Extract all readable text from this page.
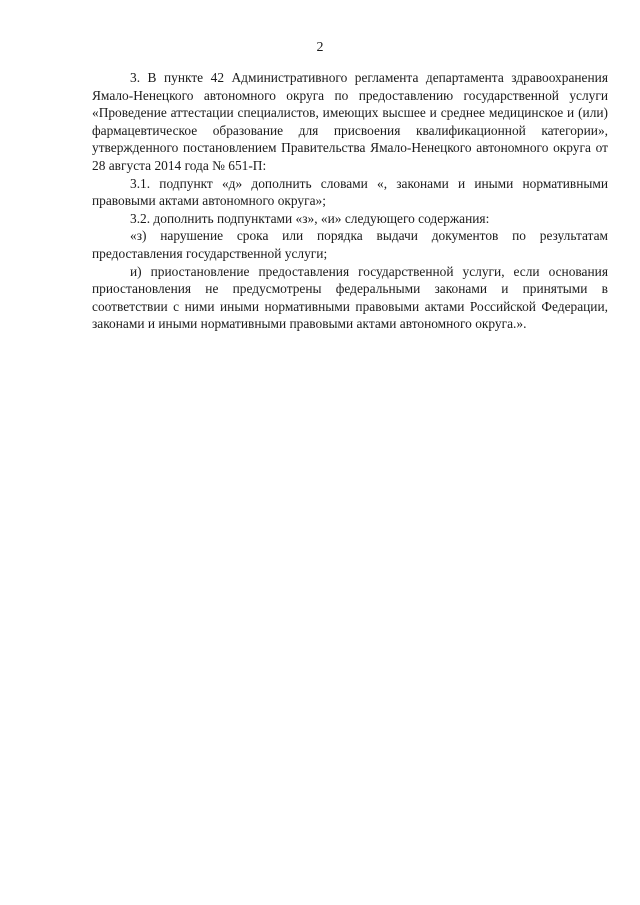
2

3. В пункте 42 Административного регламента департамента здравоохранения Ямало-Ненецкого автономного округа по предоставлению государственной услуги «Проведение аттестации специалистов, имеющих высшее и среднее медицинское и (или) фармацевтическое образование для присвоения квалификационной категории», утвержденного постановлением Правительства Ямало-Ненецкого автономного округа от 28 августа 2014 года № 651-П:

3.1. подпункт «д» дополнить словами «, законами и иными нормативными правовыми актами автономного округа»;

3.2. дополнить подпунктами «з», «и» следующего содержания:

«з) нарушение срока или порядка выдачи документов по результатам предоставления государственной услуги;

и) приостановление предоставления государственной услуги, если основания приостановления не предусмотрены федеральными законами и принятыми в соответствии с ними иными нормативными правовыми актами Российской Федерации, законами и иными нормативными правовыми актами автономного округа.».
